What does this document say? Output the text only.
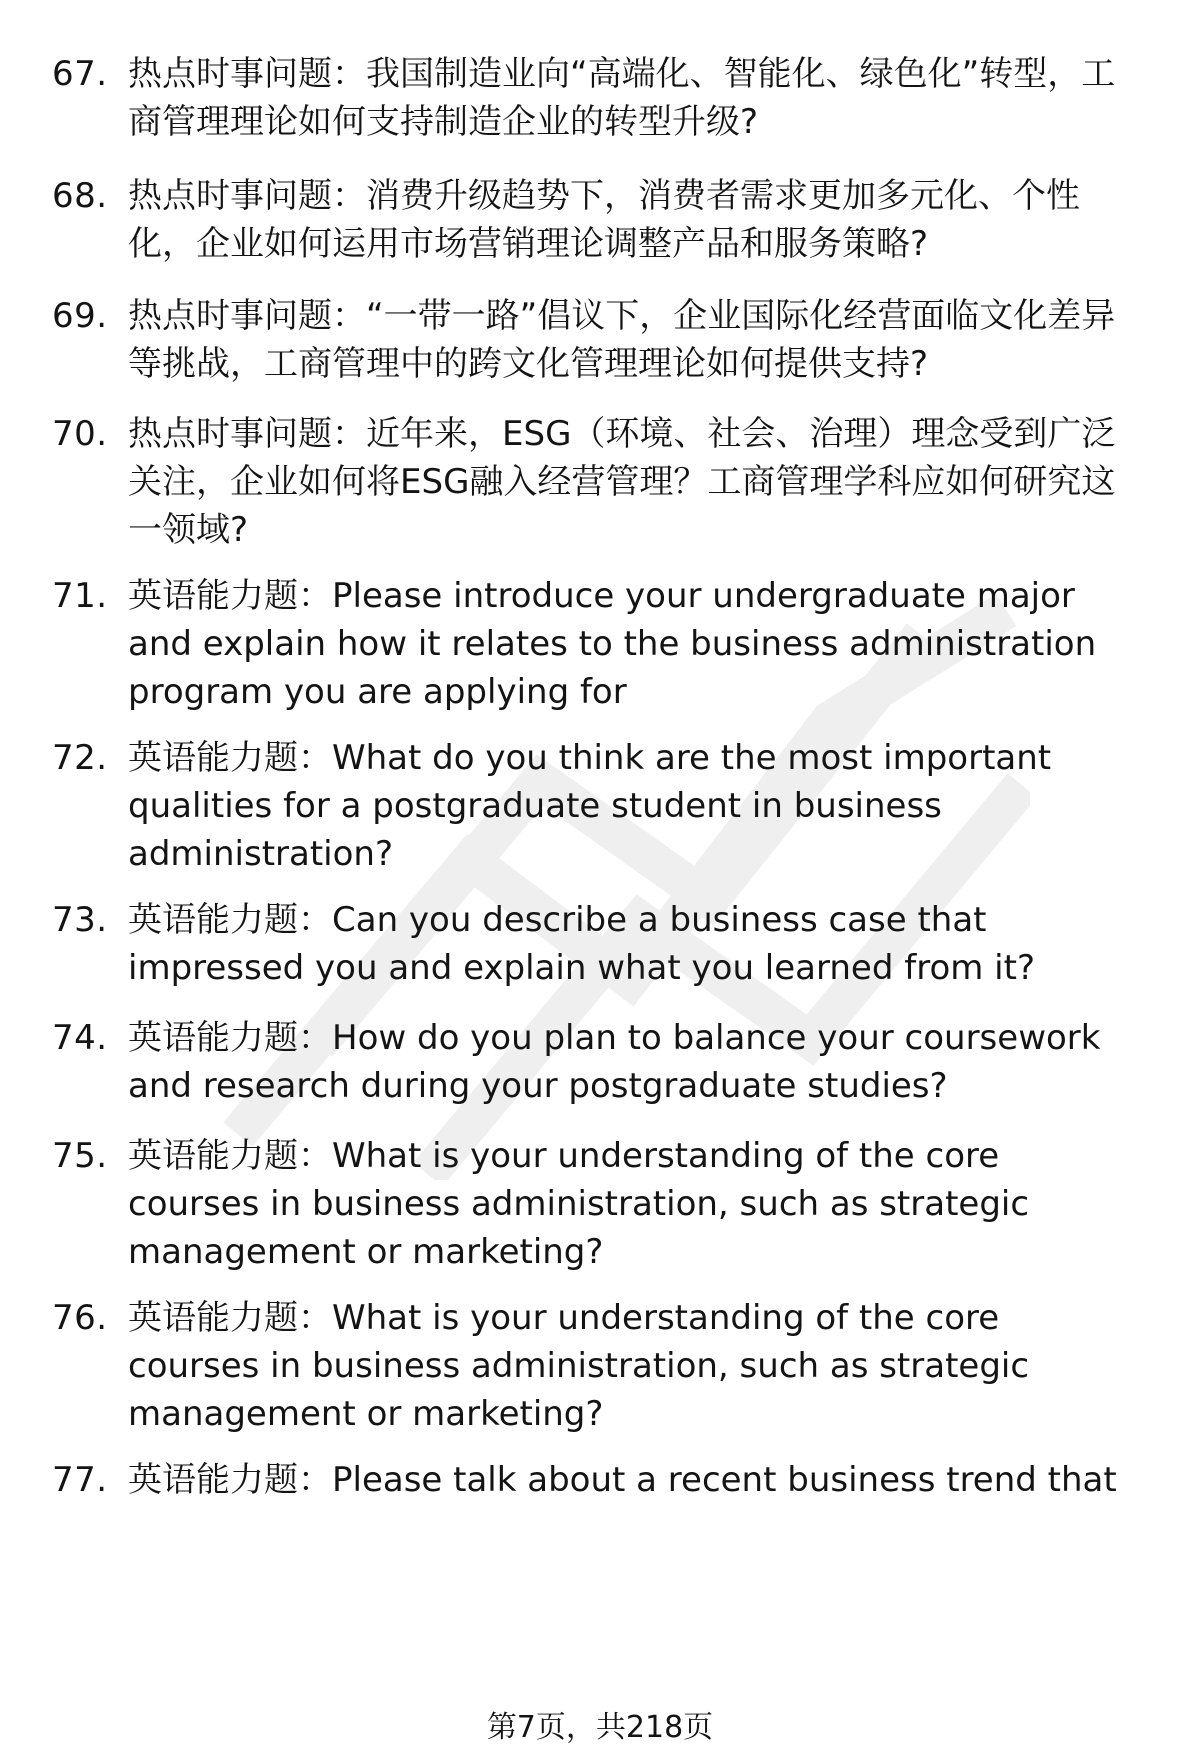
67. 热点时事问题：我国制造业向“高端化、智能化、绿色化”转型，工商管理理论如何支持制造企业的转型升级?
68. 热点时事问题：消费升级趋势下，消费者需求更加多元化、个性化，企业如何运用市场营销理论调整产品和服务策略?
69. 热点时事问题：“一带一路”倡议下，企业国际化经营面临文化差异等挑战，工商管理中的跨文化管理理论如何提供支持?
70. 热点时事问题：近年来，ESG（环境、社会、治理）理念受到广泛关注，企业如何将ESG融入经营管理？工商管理学科应如何研究这一领域?
71. 英语能力题：Please introduce your undergraduate major and explain how it relates to the business administration program you are applying for
72. 英语能力题：What do you think are the most important qualities for a postgraduate student in business administration?
73. 英语能力题：Can you describe a business case that impressed you and explain what you learned from it?
74. 英语能力题：How do you plan to balance your coursework and research during your postgraduate studies?
75. 英语能力题：What is your understanding of the core courses in business administration, such as strategic management or marketing?
76. 英语能力题：What is your understanding of the core courses in business administration, such as strategic management or marketing?
77. 英语能力题：Please talk about a recent business trend that
第7页，共218页
